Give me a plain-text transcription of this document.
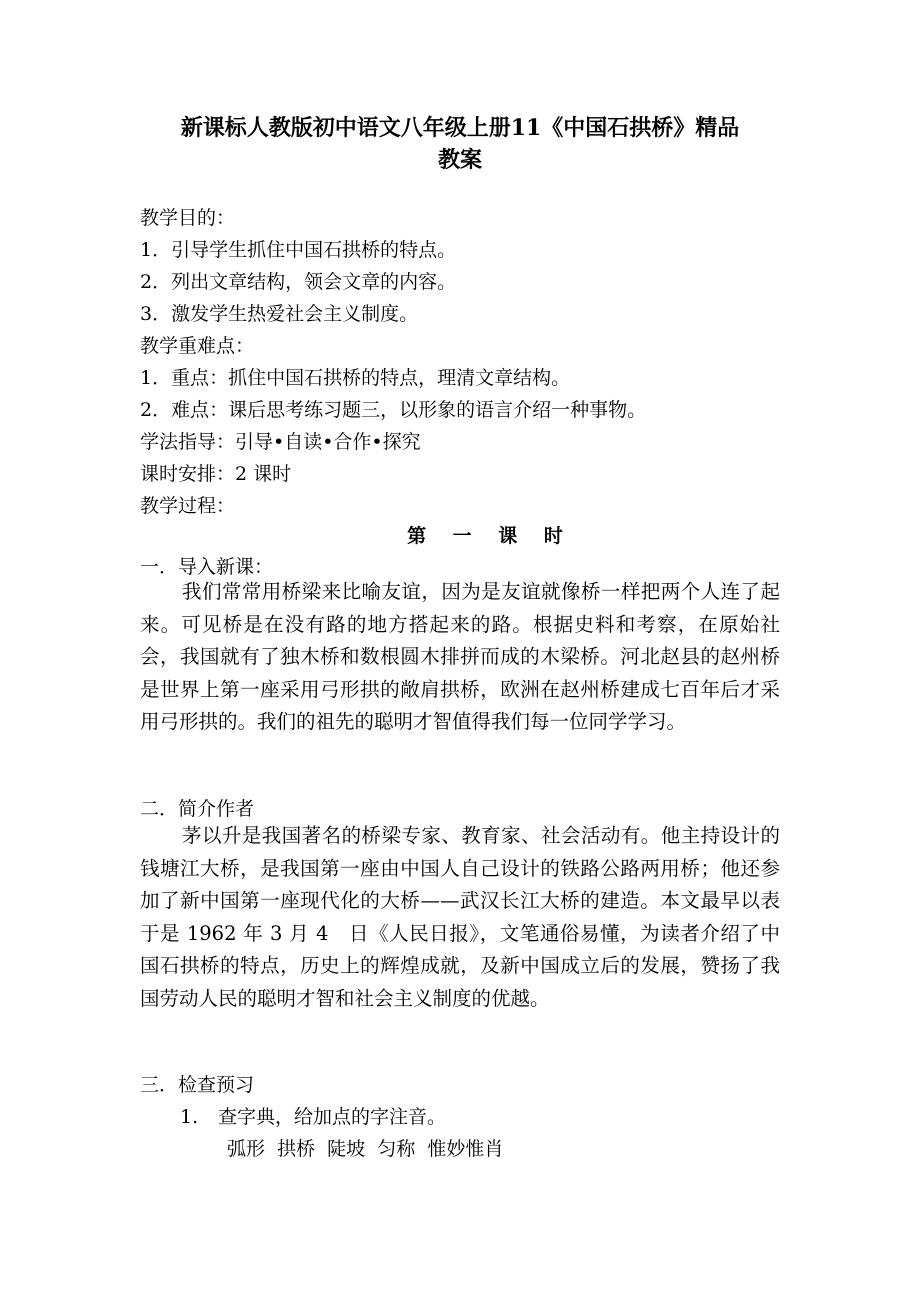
新课标人教版初中语文八年级上册11《中国石拱桥》精品
教案
教学目的：
1．引导学生抓住中国石拱桥的特点。
2．列出文章结构，领会文章的内容。
3．激发学生热爱社会主义制度。
教学重难点：
1．重点：抓住中国石拱桥的特点，理清文章结构。
2．难点：课后思考练习题三，以形象的语言介绍一种事物。
学法指导：引导•自读•合作•探究
课时安排：2 课时
教学过程：
第 一 课 时
一．导入新课：
我们常常用桥梁来比喻友谊，因为是友谊就像桥一样把两个人连了起来。可见桥是在没有路的地方搭起来的路。根据史料和考察，在原始社会，我国就有了独木桥和数根圆木排拼而成的木梁桥。河北赵县的赵州桥是世界上第一座采用弓形拱的敞肩拱桥，欧洲在赵州桥建成七百年后才采用弓形拱的。我们的祖先的聪明才智值得我们每一位同学学习。
二．简介作者
茅以升是我国著名的桥梁专家、教育家、社会活动有。他主持设计的钱塘江大桥，是我国第一座由中国人自己设计的铁路公路两用桥；他还参加了新中国第一座现代化的大桥——武汉长江大桥的建造。本文最早以表于是 1962 年 3 月 4　日《人民日报》，文笔通俗易懂，为读者介绍了中国石拱桥的特点，历史上的辉煌成就，及新中国成立后的发展，赞扬了我国劳动人民的聪明才智和社会主义制度的优越。
三．检查预习
1. 查字典，给加点的字注音。
弧形  拱桥  陡坡  匀称  惟妙惟肖
